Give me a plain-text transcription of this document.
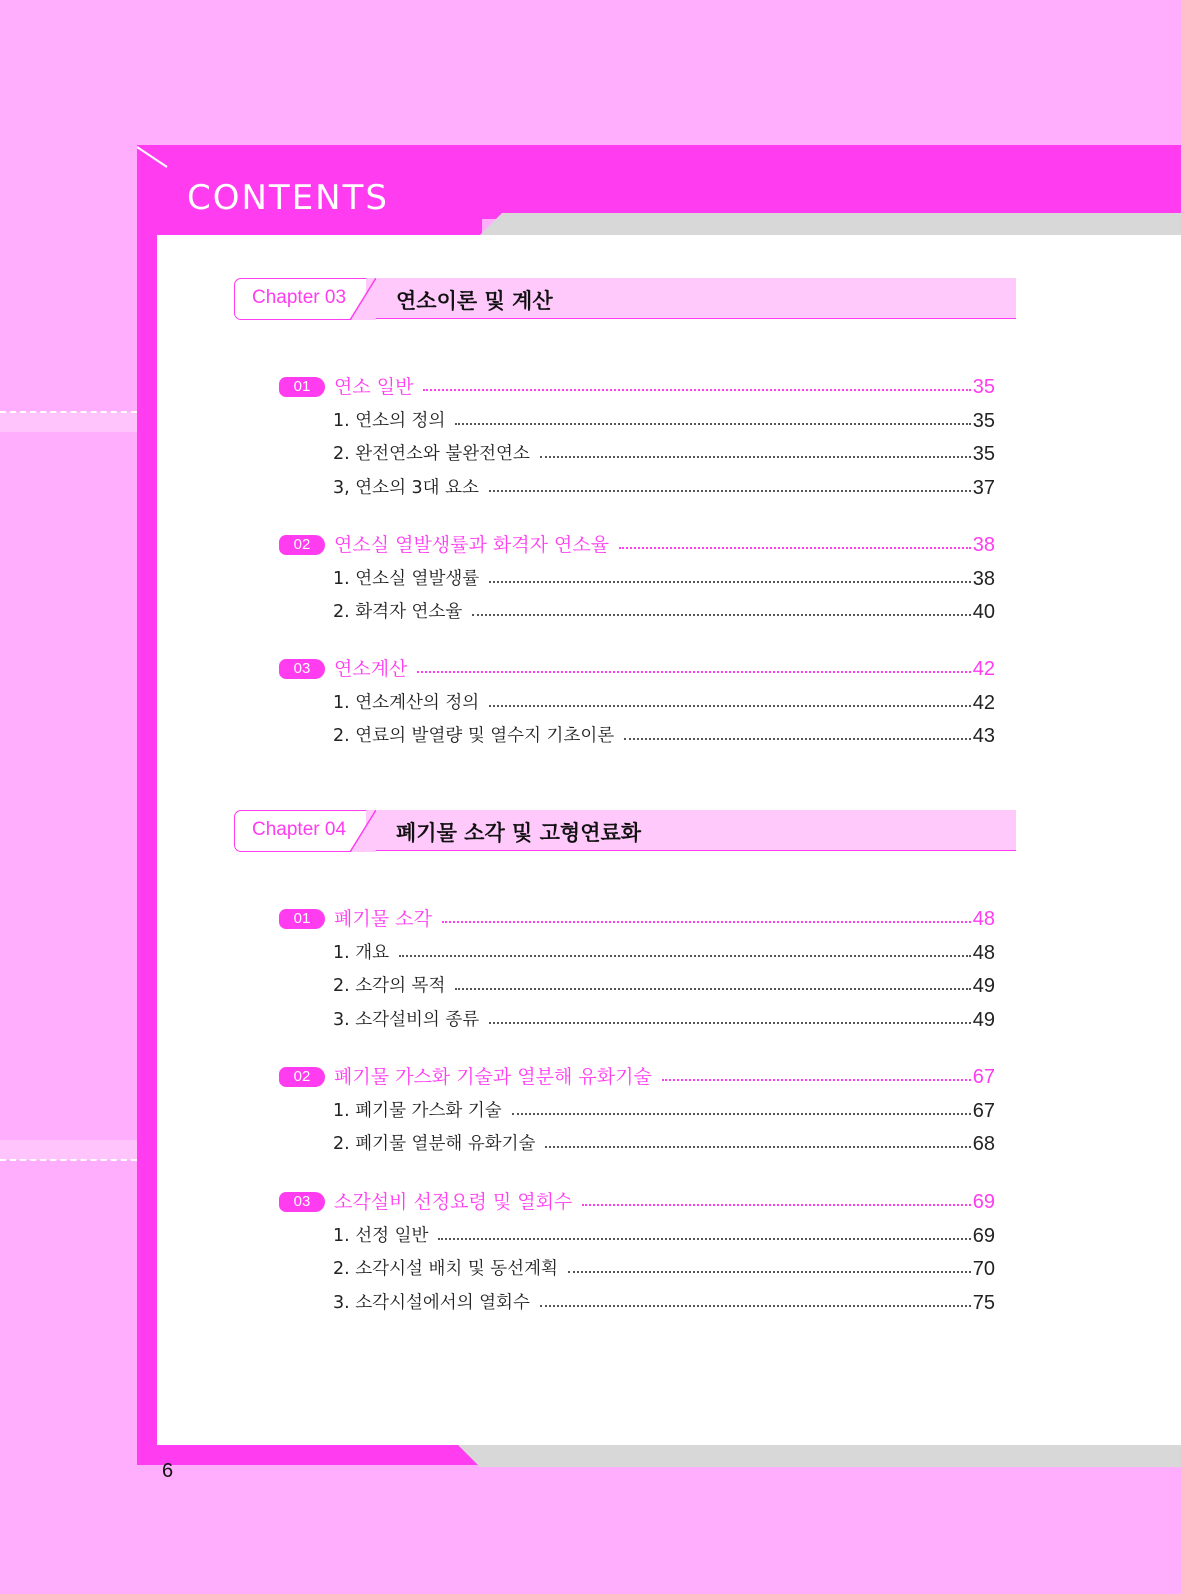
CONTENTS
Chapter 03 연소이론 및 계산
01	연소 일반	35
1. 연소의 정의	35
2. 완전연소와 불완전연소	35
3, 연소의 3대 요소	37
02	연소실 열발생률과 화격자 연소율	38
1. 연소실 열발생률	38
2. 화격자 연소율	40
03	연소계산	42
1. 연소계산의 정의	42
2. 연료의 발열량 및 열수지 기초이론	43
Chapter 04 폐기물 소각 및 고형연료화
01	폐기물 소각	48
1. 개요	48
2. 소각의 목적	49
3. 소각설비의 종류	49
02	폐기물 가스화 기술과 열분해 유화기술	67
1. 폐기물 가스화 기술	67
2. 폐기물 열분해 유화기술	68
03	소각설비 선정요령 및 열회수	69
1. 선정 일반	69
2. 소각시설 배치 및 동선계획	70
3. 소각시설에서의 열회수	75
6
